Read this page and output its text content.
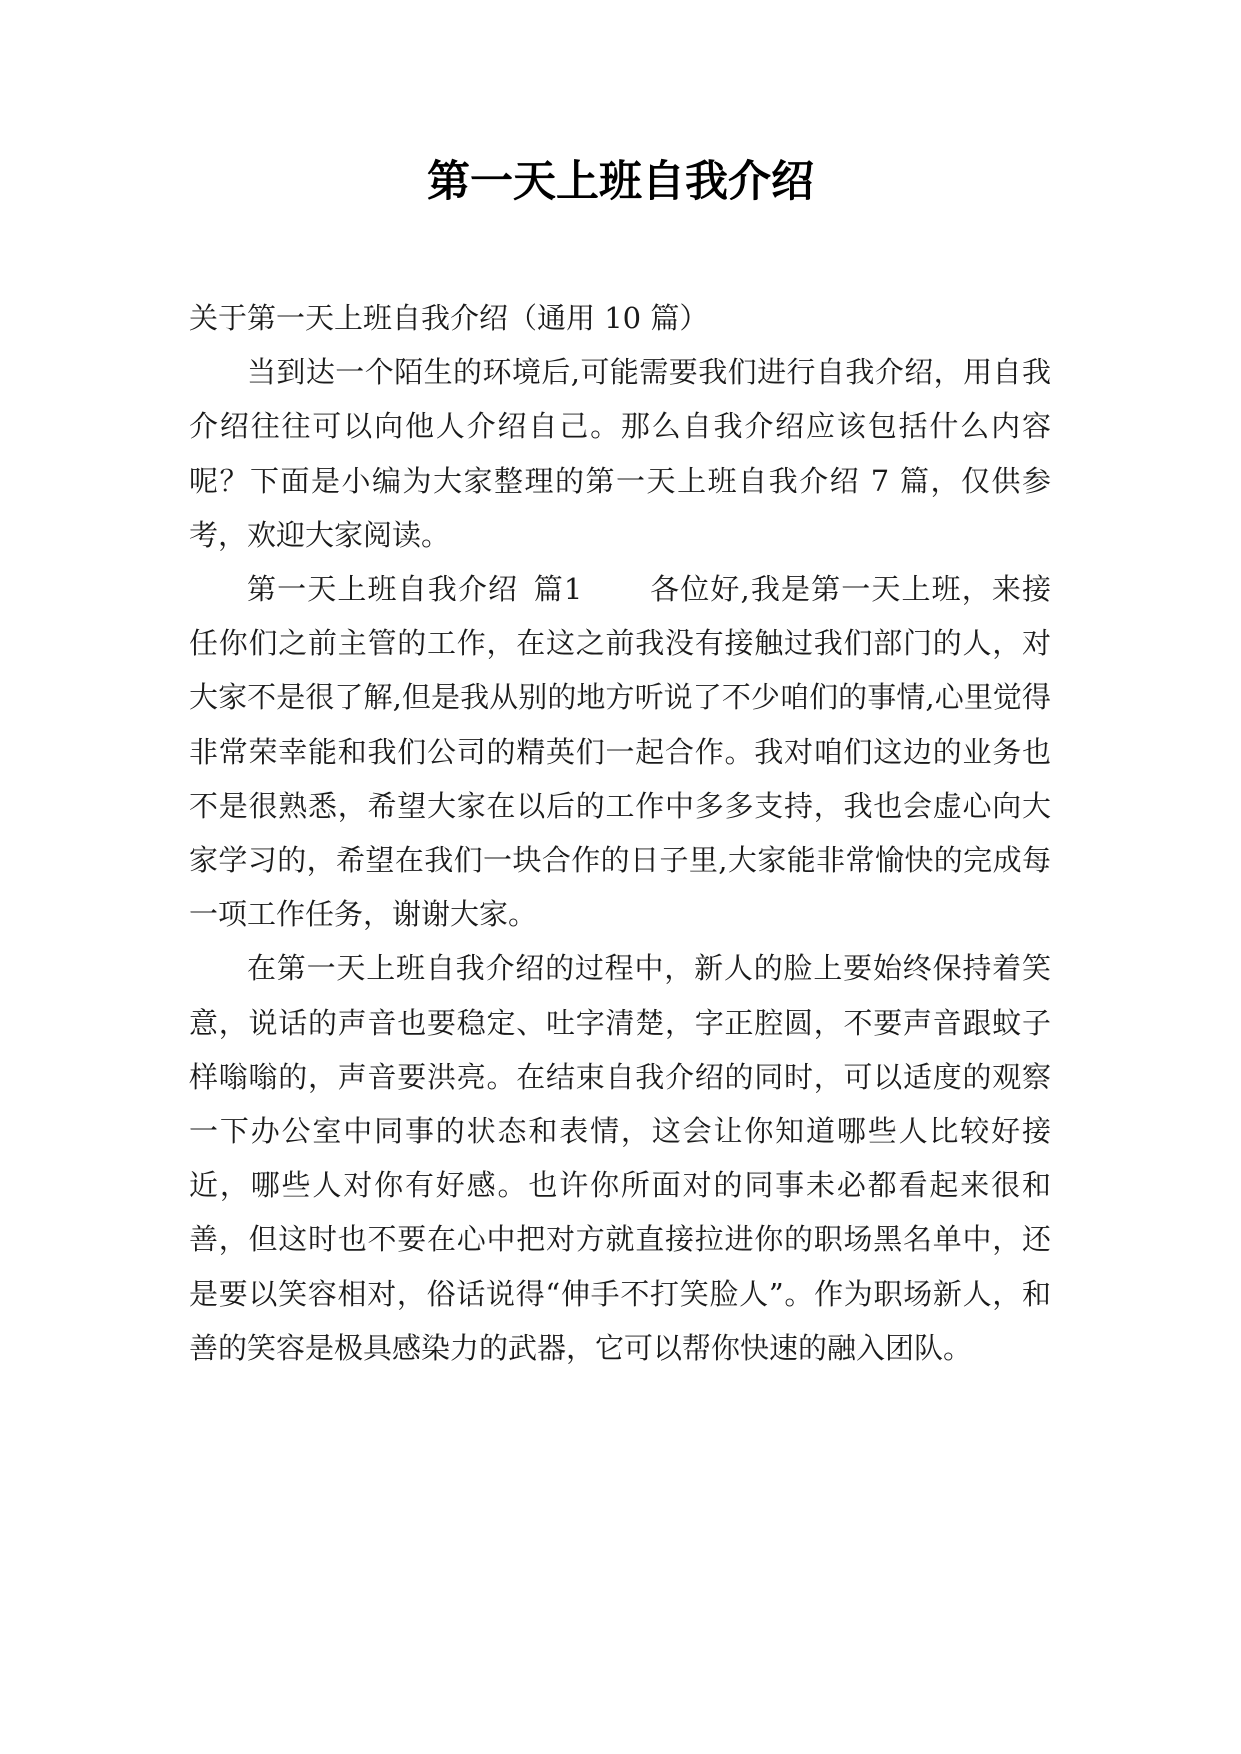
第一天上班自我介绍

关于第一天上班自我介绍（通用 10 篇）

当到达一个陌生的环境后,可能需要我们进行自我介绍，用自我介绍往往可以向他人介绍自己。那么自我介绍应该包括什么内容呢？下面是小编为大家整理的第一天上班自我介绍 7 篇，仅供参考，欢迎大家阅读。

第一天上班自我介绍 篇1 各位好,我是第一天上班，来接任你们之前主管的工作，在这之前我没有接触过我们部门的人，对大家不是很了解,但是我从别的地方听说了不少咱们的事情,心里觉得非常荣幸能和我们公司的精英们一起合作。我对咱们这边的业务也不是很熟悉，希望大家在以后的工作中多多支持，我也会虚心向大家学习的，希望在我们一块合作的日子里,大家能非常愉快的完成每一项工作任务，谢谢大家。

在第一天上班自我介绍的过程中，新人的脸上要始终保持着笑意，说话的声音也要稳定、吐字清楚，字正腔圆，不要声音跟蚊子样嗡嗡的，声音要洪亮。在结束自我介绍的同时，可以适度的观察一下办公室中同事的状态和表情，这会让你知道哪些人比较好接近，哪些人对你有好感。也许你所面对的同事未必都看起来很和善，但这时也不要在心中把对方就直接拉进你的职场黑名单中，还是要以笑容相对，俗话说得“伸手不打笑脸人”。作为职场新人，和善的笑容是极具感染力的武器，它可以帮你快速的融入团队。
